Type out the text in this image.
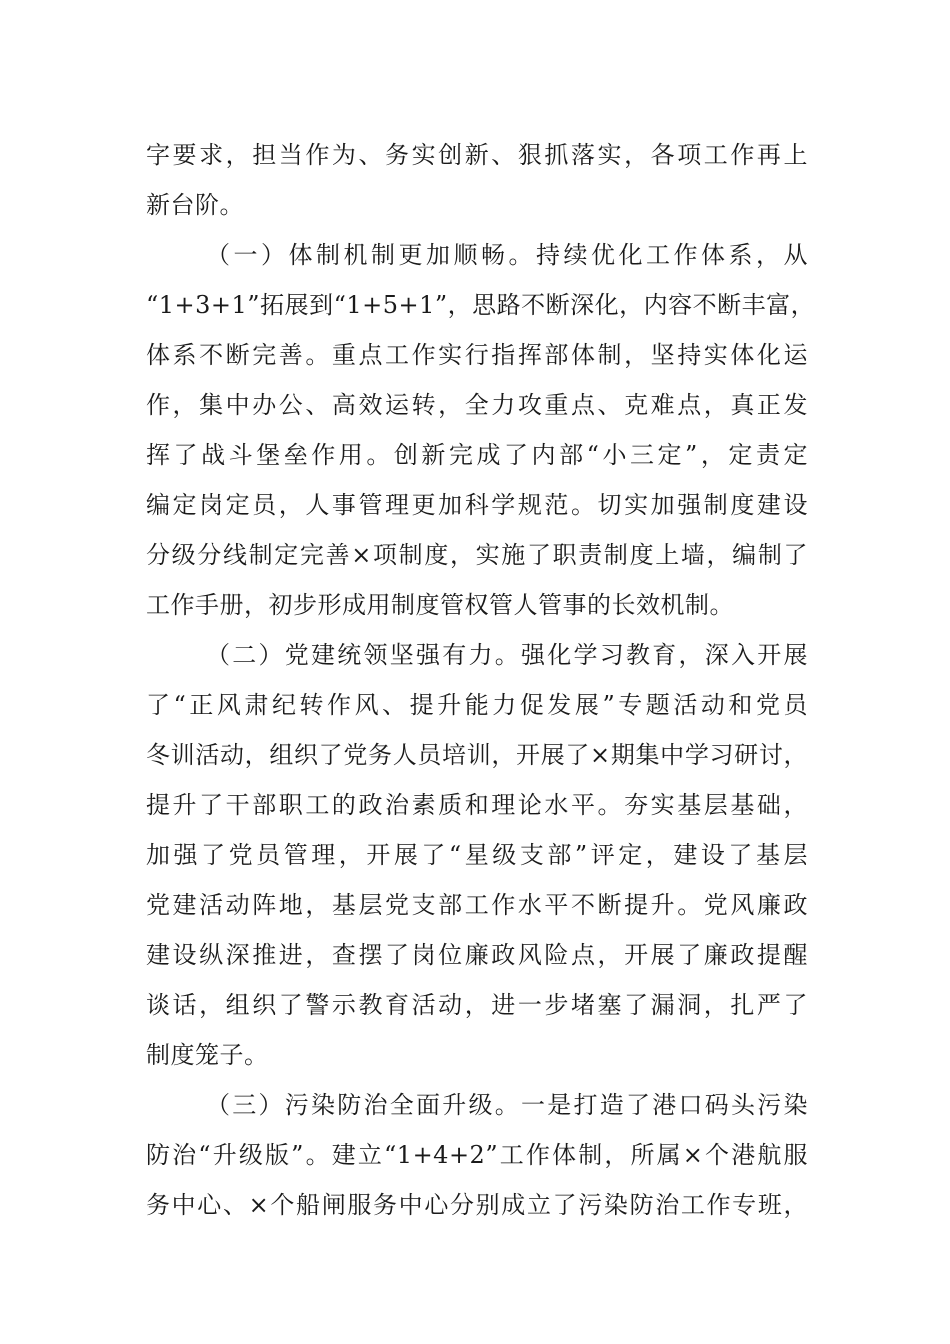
字要求，担当作为、务实创新、狠抓落实，各项工作再上
新台阶。
（一）体制机制更加顺畅。持续优化工作体系，从
“1+3+1”拓展到“1+5+1”，思路不断深化，内容不断丰富，
体系不断完善。重点工作实行指挥部体制，坚持实体化运
作，集中办公、高效运转，全力攻重点、克难点，真正发
挥了战斗堡垒作用。创新完成了内部“小三定”，定责定
编定岗定员，人事管理更加科学规范。切实加强制度建设
分级分线制定完善×项制度，实施了职责制度上墙，编制了
工作手册，初步形成用制度管权管人管事的长效机制。
（二）党建统领坚强有力。强化学习教育，深入开展
了“正风肃纪转作风、提升能力促发展”专题活动和党员
冬训活动，组织了党务人员培训，开展了×期集中学习研讨，
提升了干部职工的政治素质和理论水平。夯实基层基础，
加强了党员管理，开展了“星级支部”评定，建设了基层
党建活动阵地，基层党支部工作水平不断提升。党风廉政
建设纵深推进，查摆了岗位廉政风险点，开展了廉政提醒
谈话，组织了警示教育活动，进一步堵塞了漏洞，扎严了
制度笼子。
（三）污染防治全面升级。一是打造了港口码头污染
防治“升级版”。建立“1+4+2”工作体制，所属×个港航服
务中心、×个船闸服务中心分别成立了污染防治工作专班，
